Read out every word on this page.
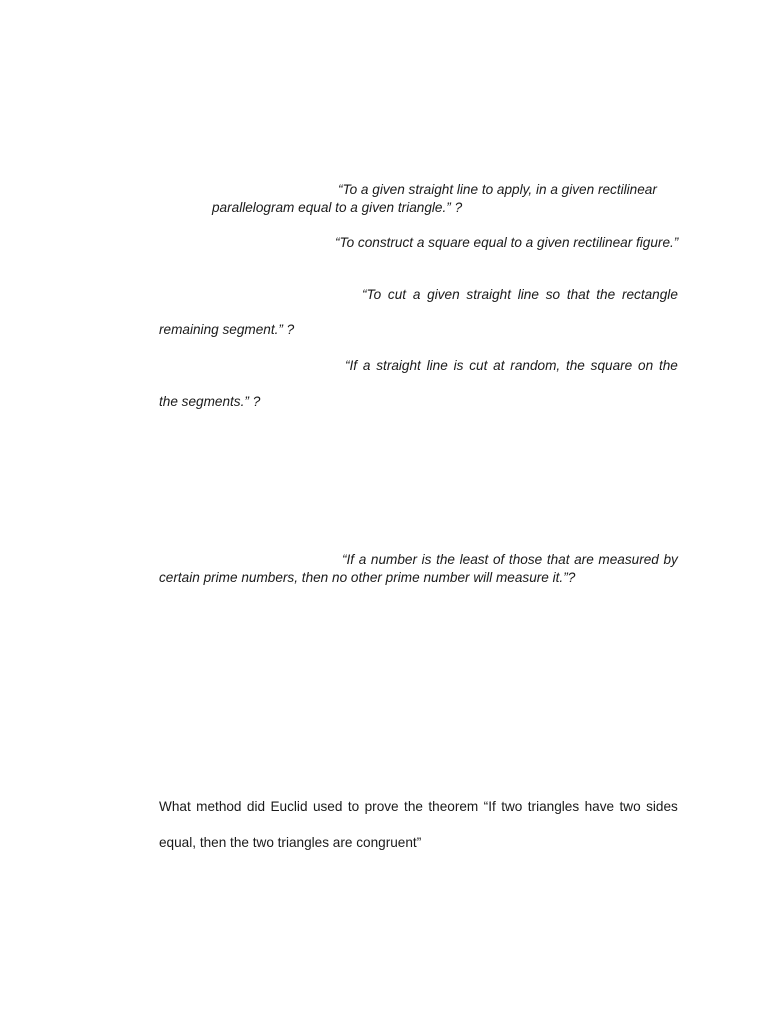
“To a given straight line to apply, in a given rectilinear

parallelogram equal to a given triangle.” ?

“To construct a square equal to a given rectilinear figure.”

“To cut a given straight line so that the rectangle

remaining segment.” ?

“If a straight line is cut at random, the square on the

the segments.” ?

“If a number is the least of those that are measured by

certain prime numbers, then no other prime number will measure it.”?

What method did Euclid used to prove the theorem “If two triangles have two sides

equal, then the two triangles are congruent”
